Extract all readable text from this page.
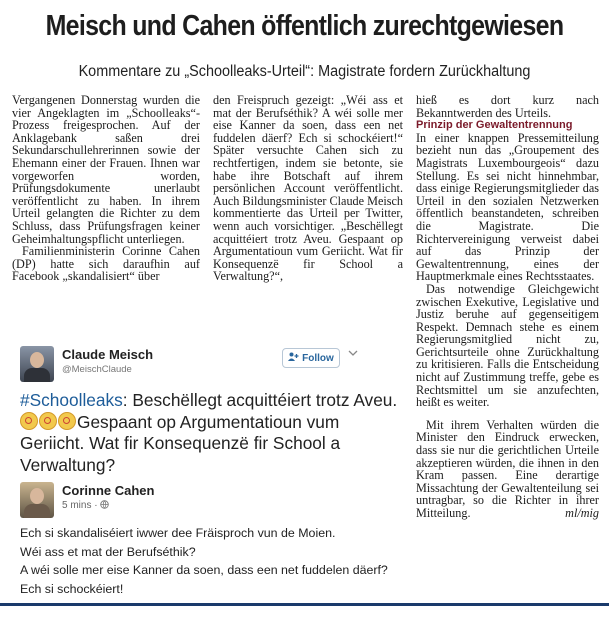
Meisch und Cahen öffentlich zurechtgewiesen
Kommentare zu „Schoolleaks-Urteil“: Magistrate fordern Zurückhaltung

Vergangenen Donnerstag wurden die vier Angeklagten im „Schoolleaks“-Prozess freigesprochen. Auf der Anklagebank saßen drei Sekundarschullehrerinnen sowie der Ehemann einer der Frauen. Ihnen war vorgeworfen worden, Prüfungsdokumente unerlaubt veröffentlicht zu haben. In ihrem Urteil gelangten die Richter zu dem Schluss, dass Prüfungsfragen keiner Geheimhaltungspflicht unterliegen.

Familienministerin Corinne Cahen (DP) hatte sich daraufhin auf Facebook „skandalisiert“ über

den Freispruch gezeigt: „Wéi ass et mat der Berufséthik? A wéi solle mer eise Kanner da soen, dass een net fuddelen däerf? Ech si schockéiert!“ Später versuchte Cahen sich zu rechtfertigen, indem sie betonte, sie habe ihre Botschaft auf ihrem persönlichen Account veröffentlicht. Auch Bildungsminister Claude Meisch kommentierte das Urteil per Twitter, wenn auch vorsichtiger. „Beschëllegt acquittéiert trotz Aveu. Gespaant op Argumentatioun vum Geriicht. Wat fir Konsequenzë fir School a Verwaltung?“,

hieß es dort kurz nach Bekanntwerden des Urteils.

Prinzip der Gewaltentrennung

In einer knappen Pressemitteilung bezieht nun das „Groupement des Magistrats Luxembourgeois“ dazu Stellung. Es sei nicht hinnehmbar, dass einige Regierungsmitglieder das Urteil in den sozialen Netzwerken öffentlich beanstandeten, schreiben die Magistrate. Die Richtervereinigung verweist dabei auf das Prinzip der Gewaltentrennung, eines der Hauptmerkmale eines Rechtsstaates.

Das notwendige Gleichgewicht zwischen Exekutive, Legislative und Justiz beruhe auf gegenseitigem Respekt. Demnach stehe es einem Regierungsmitglied nicht zu, Gerichtsurteile ohne Zurückhaltung zu kritisieren. Falls die Entscheidung nicht auf Zustimmung treffe, gebe es Rechtsmittel um sie anzufechten, heißt es weiter.

Mit ihrem Verhalten würden die Minister den Eindruck erwecken, dass sie nur die gerichtlichen Urteile akzeptieren würden, die ihnen in den Kram passen. Eine derartige Missachtung der Gewaltenteilung sei untragbar, so die Richter in ihrer Mitteilung.	ml/mig

Claude Meisch
@MeischClaude
Follow
#Schoolleaks: Beschëllegt acquittéiert trotz Aveu. Gespaant op Argumentatioun vum Geriicht. Wat fir Konsequenzë fir School a Verwaltung?
Corinne Cahen
5 mins ·
Ech si skandaliséiert iwwer dee Fräisproch vun de Moien.
Wéi ass et mat der Berufséthik?
A wéi solle mer eise Kanner da soen, dass een net fuddelen däerf?
Ech si schockéiert!
